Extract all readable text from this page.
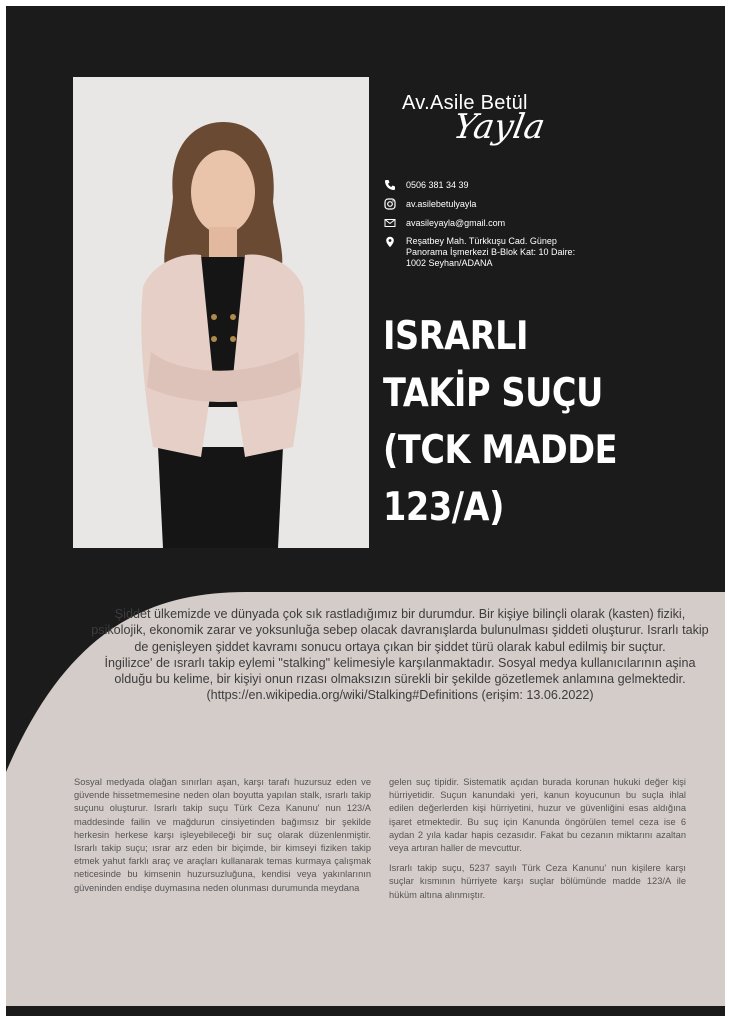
Av.Asile Betül
Yayla
0506 381 34 39
av.asilebetulyayla
avasileyayla@gmail.com
Reşatbey Mah. Türkkuşu Cad. Günep Panorama İşmerkezi B-Blok Kat: 10 Daire: 1002 Seyhan/ADANA
ISRARLI
TAKİP SUÇU
(TCK MADDE
123/A)

Şiddet ülkemizde ve dünyada çok sık rastladığımız bir durumdur. Bir kişiye bilinçli olarak (kasten) fiziki, psikolojik, ekonomik zarar ve yoksunluğa sebep olacak davranışlarda bulunulması şiddeti oluşturur. Israrlı takip de genişleyen şiddet kavramı sonucu ortaya çıkan bir şiddet türü olarak kabul edilmiş bir suçtur.

İngilizce' de ısrarlı takip eylemi "stalking" kelimesiyle karşılanmaktadır. Sosyal medya kullanıcılarının aşina olduğu bu kelime, bir kişiyi onun rızası olmaksızın sürekli bir şekilde gözetlemek anlamına gelmektedir. (https://en.wikipedia.org/wiki/Stalking#Definitions (erişim: 13.06.2022)

Sosyal medyada olağan sınırları aşan, karşı tarafı huzursuz eden ve güvende hissetmemesine neden olan boyutta yapılan stalk, ısrarlı takip suçunu oluşturur. Israrlı takip suçu Türk Ceza Kanunu' nun 123/A maddesinde failin ve mağdurun cinsiyetinden bağımsız bir şekilde herkesin herkese karşı işleyebileceği bir suç olarak düzenlenmiştir. Israrlı takip suçu; ısrar arz eden bir biçimde, bir kimseyi fiziken takip etmek yahut farklı araç ve araçları kullanarak temas kurmaya çalışmak neticesinde bu kimsenin huzursuzluğuna, kendisi veya yakınlarının güveninden endişe duymasına neden olunması durumunda meydana

gelen suç tipidir. Sistematik açıdan burada korunan hukuki değer kişi hürriyetidir. Suçun kanundaki yeri, kanun koyucunun bu suçla ihlal edilen değerlerden kişi hürriyetini, huzur ve güvenliğini esas aldığına işaret etmektedir. Bu suç için Kanunda öngörülen temel ceza ise 6 aydan 2 yıla kadar hapis cezasıdır. Fakat bu cezanın miktarını azaltan veya artıran haller de mevcuttur.

Israrlı takip suçu, 5237 sayılı Türk Ceza Kanunu' nun kişilere karşı suçlar kısmının hürriyete karşı suçlar bölümünde madde 123/A ile hüküm altına alınmıştır.
